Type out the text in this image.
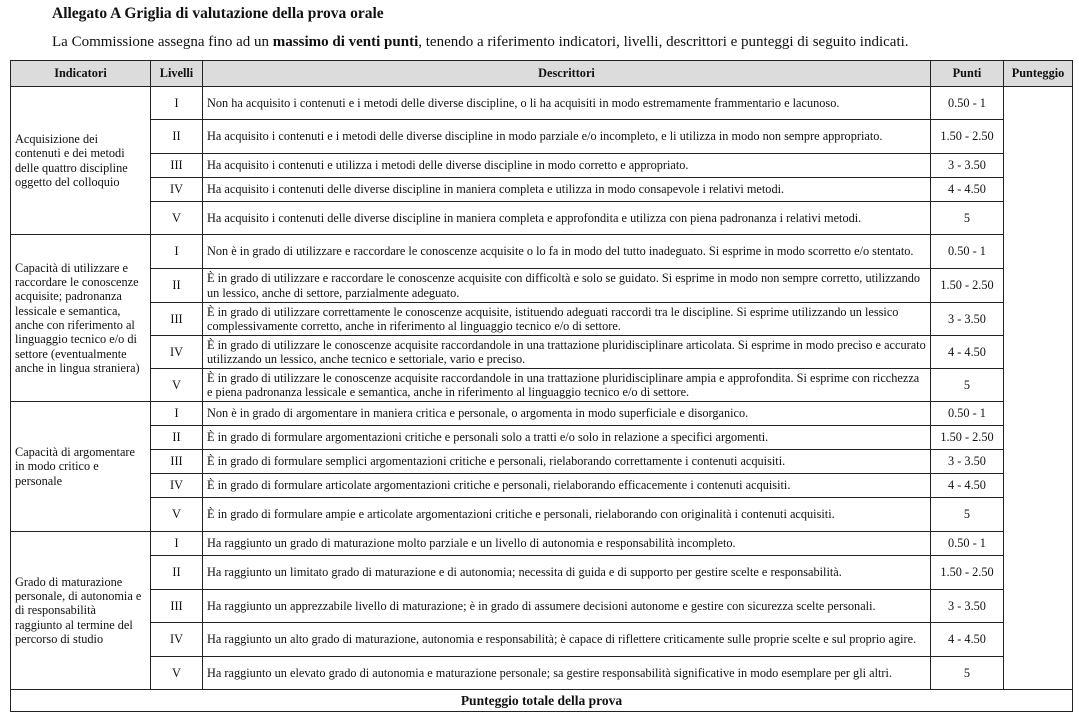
Allegato A Griglia di valutazione della prova orale
La Commissione assegna fino ad un massimo di venti punti, tenendo a riferimento indicatori, livelli, descrittori e punteggi di seguito indicati.
Indicatori	Livelli	Descrittori	Punti	Punteggio
Acquisizione dei contenuti e dei metodi delle quattro discipline oggetto del colloquio	I	Non ha acquisito i contenuti e i metodi delle diverse discipline, o li ha acquisiti in modo estremamente frammentario e lacunoso.	0.50 - 1	
	II	Ha acquisito i contenuti e i metodi delle diverse discipline in modo parziale e/o incompleto, e li utilizza in modo non sempre appropriato.	1.50 - 2.50	
	III	Ha acquisito i contenuti e utilizza i metodi delle diverse discipline in modo corretto e appropriato.	3 - 3.50	
	IV	Ha acquisito i contenuti delle diverse discipline in maniera completa e utilizza in modo consapevole i relativi metodi.	4 - 4.50	
	V	Ha acquisito i contenuti delle diverse discipline in maniera completa e approfondita e utilizza con piena padronanza i relativi metodi.	5	
Capacità di utilizzare e raccordare le conoscenze acquisite; padronanza lessicale e semantica, anche con riferimento al linguaggio tecnico e/o di settore (eventualmente anche in lingua straniera)	I	Non è in grado di utilizzare e raccordare le conoscenze acquisite o lo fa in modo del tutto inadeguato. Si esprime in modo scorretto e/o stentato.	0.50 - 1	
	II	È in grado di utilizzare e raccordare le conoscenze acquisite con difficoltà e solo se guidato. Si esprime in modo non sempre corretto, utilizzando un lessico, anche di settore, parzialmente adeguato.	1.50 - 2.50	
	III	È in grado di utilizzare correttamente le conoscenze acquisite, istituendo adeguati raccordi tra le discipline. Si esprime utilizzando un lessico complessivamente corretto, anche in riferimento al linguaggio tecnico e/o di settore.	3 - 3.50	
	IV	È in grado di utilizzare le conoscenze acquisite raccordandole in una trattazione pluridisciplinare articolata. Si esprime in modo preciso e accurato utilizzando un lessico, anche tecnico e settoriale, vario e preciso.	4 - 4.50	
	V	È in grado di utilizzare le conoscenze acquisite raccordandole in una trattazione pluridisciplinare ampia e approfondita. Si esprime con ricchezza e piena padronanza lessicale e semantica, anche in riferimento al linguaggio tecnico e/o di settore.	5	
Capacità di argomentare in modo critico e personale	I	Non è in grado di argomentare in maniera critica e personale, o argomenta in modo superficiale e disorganico.	0.50 - 1	
	II	È in grado di formulare argomentazioni critiche e personali solo a tratti e/o solo in relazione a specifici argomenti.	1.50 - 2.50	
	III	È in grado di formulare semplici argomentazioni critiche e personali, rielaborando correttamente i contenuti acquisiti.	3 - 3.50	
	IV	È in grado di formulare articolate argomentazioni critiche e personali, rielaborando efficacemente i contenuti acquisiti.	4 - 4.50	
	V	È in grado di formulare ampie e articolate argomentazioni critiche e personali, rielaborando con originalità i contenuti acquisiti.	5	
Grado di maturazione personale, di autonomia e di responsabilità raggiunto al termine del percorso di studio	I	Ha raggiunto un grado di maturazione molto parziale e un livello di autonomia e responsabilità incompleto.	0.50 - 1	
	II	Ha raggiunto un limitato grado di maturazione e di autonomia; necessita di guida e di supporto per gestire scelte e responsabilità.	1.50 - 2.50	
	III	Ha raggiunto un apprezzabile livello di maturazione; è in grado di assumere decisioni autonome e gestire con sicurezza scelte personali.	3 - 3.50	
	IV	Ha raggiunto un alto grado di maturazione, autonomia e responsabilità; è capace di riflettere criticamente sulle proprie scelte e sul proprio agire.	4 - 4.50	
	V	Ha raggiunto un elevato grado di autonomia e maturazione personale; sa gestire responsabilità significative in modo esemplare per gli altri.	5	
Punteggio totale della prova				
